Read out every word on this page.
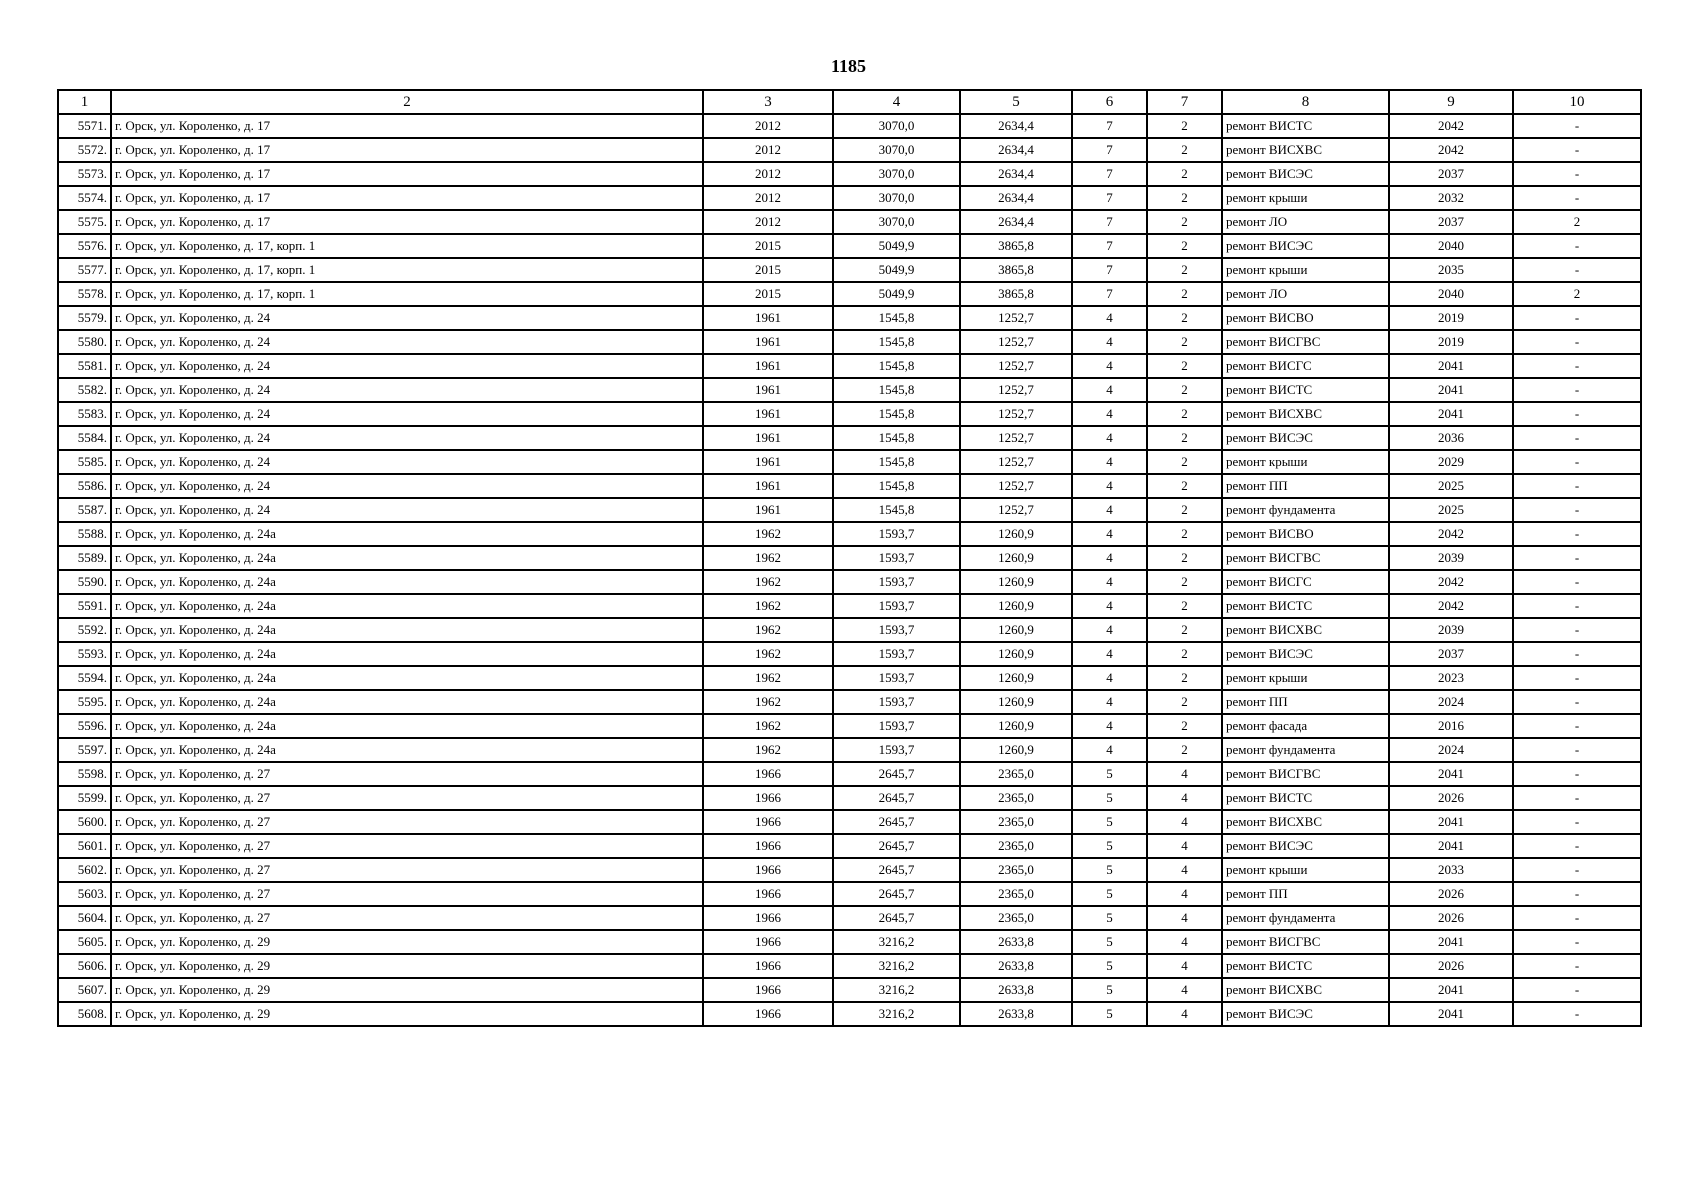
1185
1	2	3	4	5	6	7	8	9	10
5571.	г. Орск, ул. Короленко, д. 17	2012	3070,0	2634,4	7	2	ремонт ВИСТС	2042	-
5572.	г. Орск, ул. Короленко, д. 17	2012	3070,0	2634,4	7	2	ремонт ВИСХВС	2042	-
5573.	г. Орск, ул. Короленко, д. 17	2012	3070,0	2634,4	7	2	ремонт ВИСЭС	2037	-
5574.	г. Орск, ул. Короленко, д. 17	2012	3070,0	2634,4	7	2	ремонт крыши	2032	-
5575.	г. Орск, ул. Короленко, д. 17	2012	3070,0	2634,4	7	2	ремонт ЛО	2037	2
5576.	г. Орск, ул. Короленко, д. 17, корп. 1	2015	5049,9	3865,8	7	2	ремонт ВИСЭС	2040	-
5577.	г. Орск, ул. Короленко, д. 17, корп. 1	2015	5049,9	3865,8	7	2	ремонт крыши	2035	-
5578.	г. Орск, ул. Короленко, д. 17, корп. 1	2015	5049,9	3865,8	7	2	ремонт ЛО	2040	2
5579.	г. Орск, ул. Короленко, д. 24	1961	1545,8	1252,7	4	2	ремонт ВИСВО	2019	-
5580.	г. Орск, ул. Короленко, д. 24	1961	1545,8	1252,7	4	2	ремонт ВИСГВС	2019	-
5581.	г. Орск, ул. Короленко, д. 24	1961	1545,8	1252,7	4	2	ремонт ВИСГС	2041	-
5582.	г. Орск, ул. Короленко, д. 24	1961	1545,8	1252,7	4	2	ремонт ВИСТС	2041	-
5583.	г. Орск, ул. Короленко, д. 24	1961	1545,8	1252,7	4	2	ремонт ВИСХВС	2041	-
5584.	г. Орск, ул. Короленко, д. 24	1961	1545,8	1252,7	4	2	ремонт ВИСЭС	2036	-
5585.	г. Орск, ул. Короленко, д. 24	1961	1545,8	1252,7	4	2	ремонт крыши	2029	-
5586.	г. Орск, ул. Короленко, д. 24	1961	1545,8	1252,7	4	2	ремонт ПП	2025	-
5587.	г. Орск, ул. Короленко, д. 24	1961	1545,8	1252,7	4	2	ремонт фундамента	2025	-
5588.	г. Орск, ул. Короленко, д. 24а	1962	1593,7	1260,9	4	2	ремонт ВИСВО	2042	-
5589.	г. Орск, ул. Короленко, д. 24а	1962	1593,7	1260,9	4	2	ремонт ВИСГВС	2039	-
5590.	г. Орск, ул. Короленко, д. 24а	1962	1593,7	1260,9	4	2	ремонт ВИСГС	2042	-
5591.	г. Орск, ул. Короленко, д. 24а	1962	1593,7	1260,9	4	2	ремонт ВИСТС	2042	-
5592.	г. Орск, ул. Короленко, д. 24а	1962	1593,7	1260,9	4	2	ремонт ВИСХВС	2039	-
5593.	г. Орск, ул. Короленко, д. 24а	1962	1593,7	1260,9	4	2	ремонт ВИСЭС	2037	-
5594.	г. Орск, ул. Короленко, д. 24а	1962	1593,7	1260,9	4	2	ремонт крыши	2023	-
5595.	г. Орск, ул. Короленко, д. 24а	1962	1593,7	1260,9	4	2	ремонт ПП	2024	-
5596.	г. Орск, ул. Короленко, д. 24а	1962	1593,7	1260,9	4	2	ремонт фасада	2016	-
5597.	г. Орск, ул. Короленко, д. 24а	1962	1593,7	1260,9	4	2	ремонт фундамента	2024	-
5598.	г. Орск, ул. Короленко, д. 27	1966	2645,7	2365,0	5	4	ремонт ВИСГВС	2041	-
5599.	г. Орск, ул. Короленко, д. 27	1966	2645,7	2365,0	5	4	ремонт ВИСТС	2026	-
5600.	г. Орск, ул. Короленко, д. 27	1966	2645,7	2365,0	5	4	ремонт ВИСХВС	2041	-
5601.	г. Орск, ул. Короленко, д. 27	1966	2645,7	2365,0	5	4	ремонт ВИСЭС	2041	-
5602.	г. Орск, ул. Короленко, д. 27	1966	2645,7	2365,0	5	4	ремонт крыши	2033	-
5603.	г. Орск, ул. Короленко, д. 27	1966	2645,7	2365,0	5	4	ремонт ПП	2026	-
5604.	г. Орск, ул. Короленко, д. 27	1966	2645,7	2365,0	5	4	ремонт фундамента	2026	-
5605.	г. Орск, ул. Короленко, д. 29	1966	3216,2	2633,8	5	4	ремонт ВИСГВС	2041	-
5606.	г. Орск, ул. Короленко, д. 29	1966	3216,2	2633,8	5	4	ремонт ВИСТС	2026	-
5607.	г. Орск, ул. Короленко, д. 29	1966	3216,2	2633,8	5	4	ремонт ВИСХВС	2041	-
5608.	г. Орск, ул. Короленко, д. 29	1966	3216,2	2633,8	5	4	ремонт ВИСЭС	2041	-
